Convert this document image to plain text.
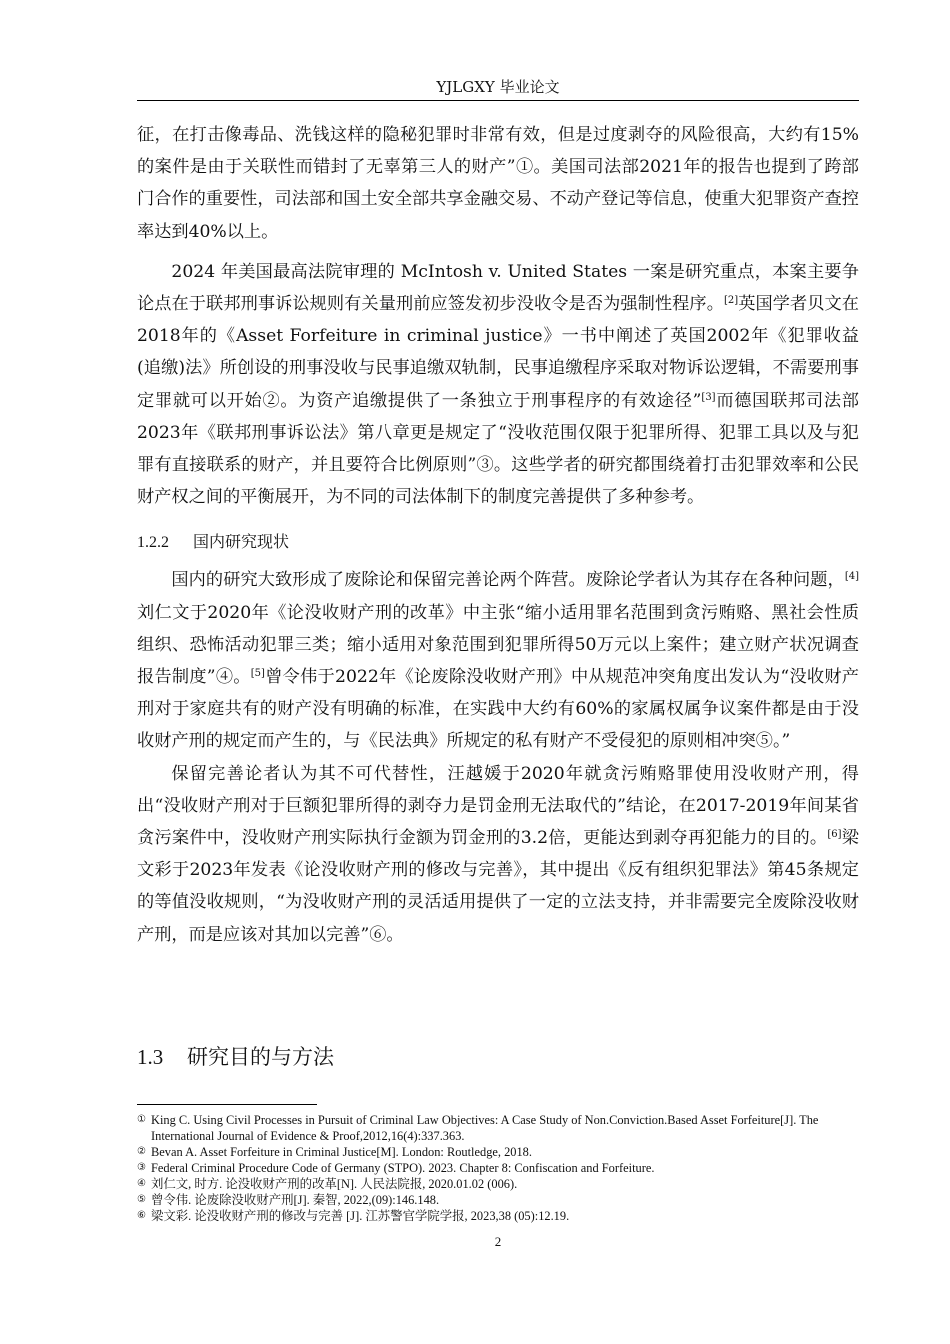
YJLGXY 毕业论文

征，在打击像毒品、洗钱这样的隐秘犯罪时非常有效，但是过度剥夺的风险很高，大约有15%的案件是由于关联性而错封了无辜第三人的财产”①。美国司法部2021年的报告也提到了跨部门合作的重要性，司法部和国土安全部共享金融交易、不动产登记等信息，使重大犯罪资产查控率达到40%以上。

2024 年美国最高法院审理的 McIntosh v. United States 一案是研究重点，本案主要争论点在于联邦刑事诉讼规则有关量刑前应签发初步没收令是否为强制性程序。[2]英国学者贝文在2018年的《Asset Forfeiture in criminal justice》一书中阐述了英国2002年《犯罪收益(追缴)法》所创设的刑事没收与民事追缴双轨制，民事追缴程序采取对物诉讼逻辑，不需要刑事定罪就可以开始②。为资产追缴提供了一条独立于刑事程序的有效途径”[3]而德国联邦司法部2023年《联邦刑事诉讼法》第八章更是规定了“没收范围仅限于犯罪所得、犯罪工具以及与犯罪有直接联系的财产，并且要符合比例原则”③。这些学者的研究都围绕着打击犯罪效率和公民财产权之间的平衡展开，为不同的司法体制下的制度完善提供了多种参考。

1.2.2 国内研究现状

国内的研究大致形成了废除论和保留完善论两个阵营。废除论学者认为其存在各种问题，[4]刘仁文于2020年《论没收财产刑的改革》中主张“缩小适用罪名范围到贪污贿赂、黑社会性质组织、恐怖活动犯罪三类；缩小适用对象范围到犯罪所得50万元以上案件；建立财产状况调查报告制度”④。[5]曾令伟于2022年《论废除没收财产刑》中从规范冲突角度出发认为“没收财产刑对于家庭共有的财产没有明确的标准，在实践中大约有60%的家属权属争议案件都是由于没收财产刑的规定而产生的，与《民法典》所规定的私有财产不受侵犯的原则相冲突⑤。”

保留完善论者认为其不可代替性，汪越媛于2020年就贪污贿赂罪使用没收财产刑，得出“没收财产刑对于巨额犯罪所得的剥夺力是罚金刑无法取代的”结论，在2017-2019年间某省贪污案件中，没收财产刑实际执行金额为罚金刑的3.2倍，更能达到剥夺再犯能力的目的。[6]梁文彩于2023年发表《论没收财产刑的修改与完善》，其中提出《反有组织犯罪法》第45条规定的等值没收规则，“为没收财产刑的灵活适用提供了一定的立法支持，并非需要完全废除没收财产刑，而是应该对其加以完善”⑥。

1.3 研究目的与方法
① King C. Using Civil Processes in Pursuit of Criminal Law Objectives: A Case Study of Non.Conviction.Based Asset Forfeiture[J]. The International Journal of Evidence & Proof,2012,16(4):337.363.
② Bevan A. Asset Forfeiture in Criminal Justice[M]. London: Routledge, 2018.
③ Federal Criminal Procedure Code of Germany (STPO). 2023. Chapter 8: Confiscation and Forfeiture.
④ 刘仁文, 时方. 论没收财产刑的改革[N]. 人民法院报, 2020.01.02 (006).
⑤ 曾令伟. 论废除没收财产刑[J]. 秦智, 2022,(09):146.148.
⑥ 梁文彩. 论没收财产刑的修改与完善 [J]. 江苏警官学院学报, 2023,38 (05):12.19.
2
